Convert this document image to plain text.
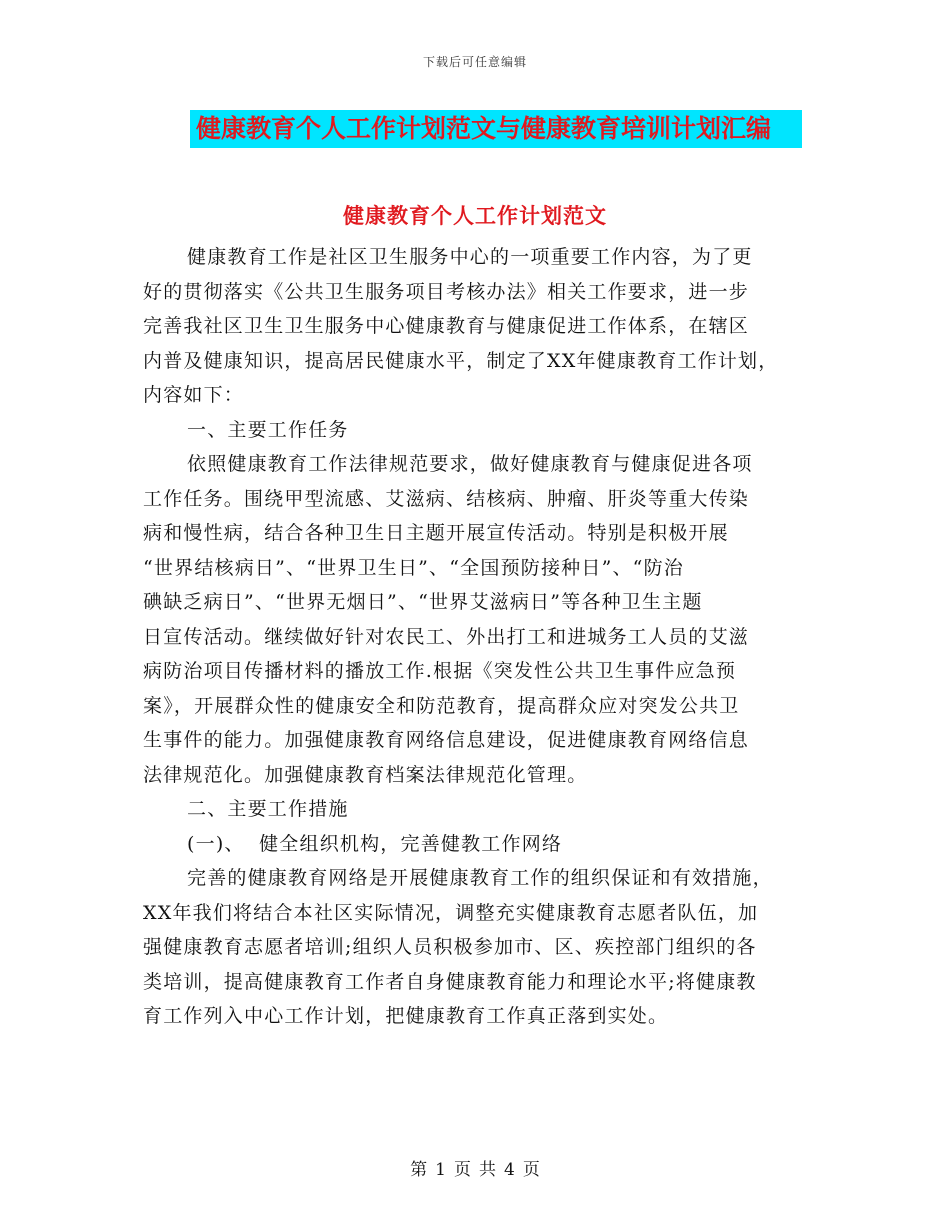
下载后可任意编辑
健康教育个人工作计划范文与健康教育培训计划汇编
健康教育个人工作计划范文
健康教育工作是社区卫生服务中心的一项重要工作内容，为了更
好的贯彻落实《公共卫生服务项目考核办法》相关工作要求，进一步
完善我社区卫生卫生服务中心健康教育与健康促进工作体系，在辖区
内普及健康知识，提高居民健康水平，制定了XX年健康教育工作计划，
内容如下：
一、主要工作任务
依照健康教育工作法律规范要求，做好健康教育与健康促进各项
工作任务。围绕甲型流感、艾滋病、结核病、肿瘤、肝炎等重大传染
病和慢性病，结合各种卫生日主题开展宣传活动。特别是积极开展
“世界结核病日”、“世界卫生日”、“全国预防接种日”、“防治
碘缺乏病日”、“世界无烟日”、“世界艾滋病日”等各种卫生主题
日宣传活动。继续做好针对农民工、外出打工和进城务工人员的艾滋
病防治项目传播材料的播放工作.根据《突发性公共卫生事件应急预
案》，开展群众性的健康安全和防范教育，提高群众应对突发公共卫
生事件的能力。加强健康教育网络信息建设，促进健康教育网络信息
法律规范化。加强健康教育档案法律规范化管理。
二、主要工作措施
(一)、  健全组织机构，完善健教工作网络
完善的健康教育网络是开展健康教育工作的组织保证和有效措施，
XX年我们将结合本社区实际情况，调整充实健康教育志愿者队伍，加
强健康教育志愿者培训;组织人员积极参加市、区、疾控部门组织的各
类培训，提高健康教育工作者自身健康教育能力和理论水平;将健康教
育工作列入中心工作计划，把健康教育工作真正落到实处。
第 1 页 共 4 页
